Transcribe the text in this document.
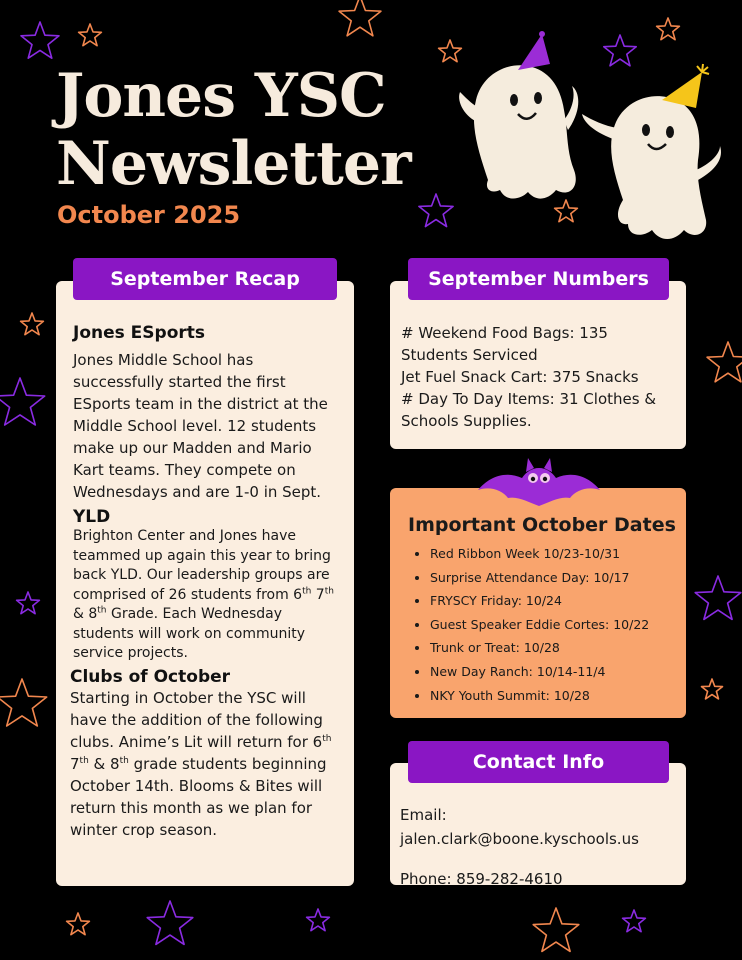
Jones YSC
Newsletter
October 2025
Jones ESports

Jones Middle School has successfully started the first ESports team in the district at the Middle School level. 12 students make up our Madden and Mario Kart teams. They compete on Wednesdays and are 1-0 in Sept.

YLD

Brighton Center and Jones have teammed up again this year to bring back YLD. Our leadership groups are comprised of 26 students from 6th 7th & 8th Grade. Each Wednesday students will work on community service projects.

Clubs of October

Starting in October the YSC will have the addition of the following clubs. Anime’s Lit will return for 6th 7th & 8th grade students beginning October 14th. Blooms & Bites will return this month as we plan for winter crop season.

September Recap
# Weekend Food Bags: 135
Students Serviced
Jet Fuel Snack Cart: 375 Snacks
# Day To Day Items: 31 Clothes &
Schools Supplies.
September Numbers
Important October Dates
• Red Ribbon Week 10/23-10/31
• Surprise Attendance Day: 10/17
• FRYSCY Friday: 10/24
• Guest Speaker Eddie Cortes: 10/22
• Trunk or Treat: 10/28
• New Day Ranch: 10/14-11/4
• NKY Youth Summit: 10/28
Email: jalen.clark@boone.kyschools.us
Phone: 859-282-4610
Contact Info
